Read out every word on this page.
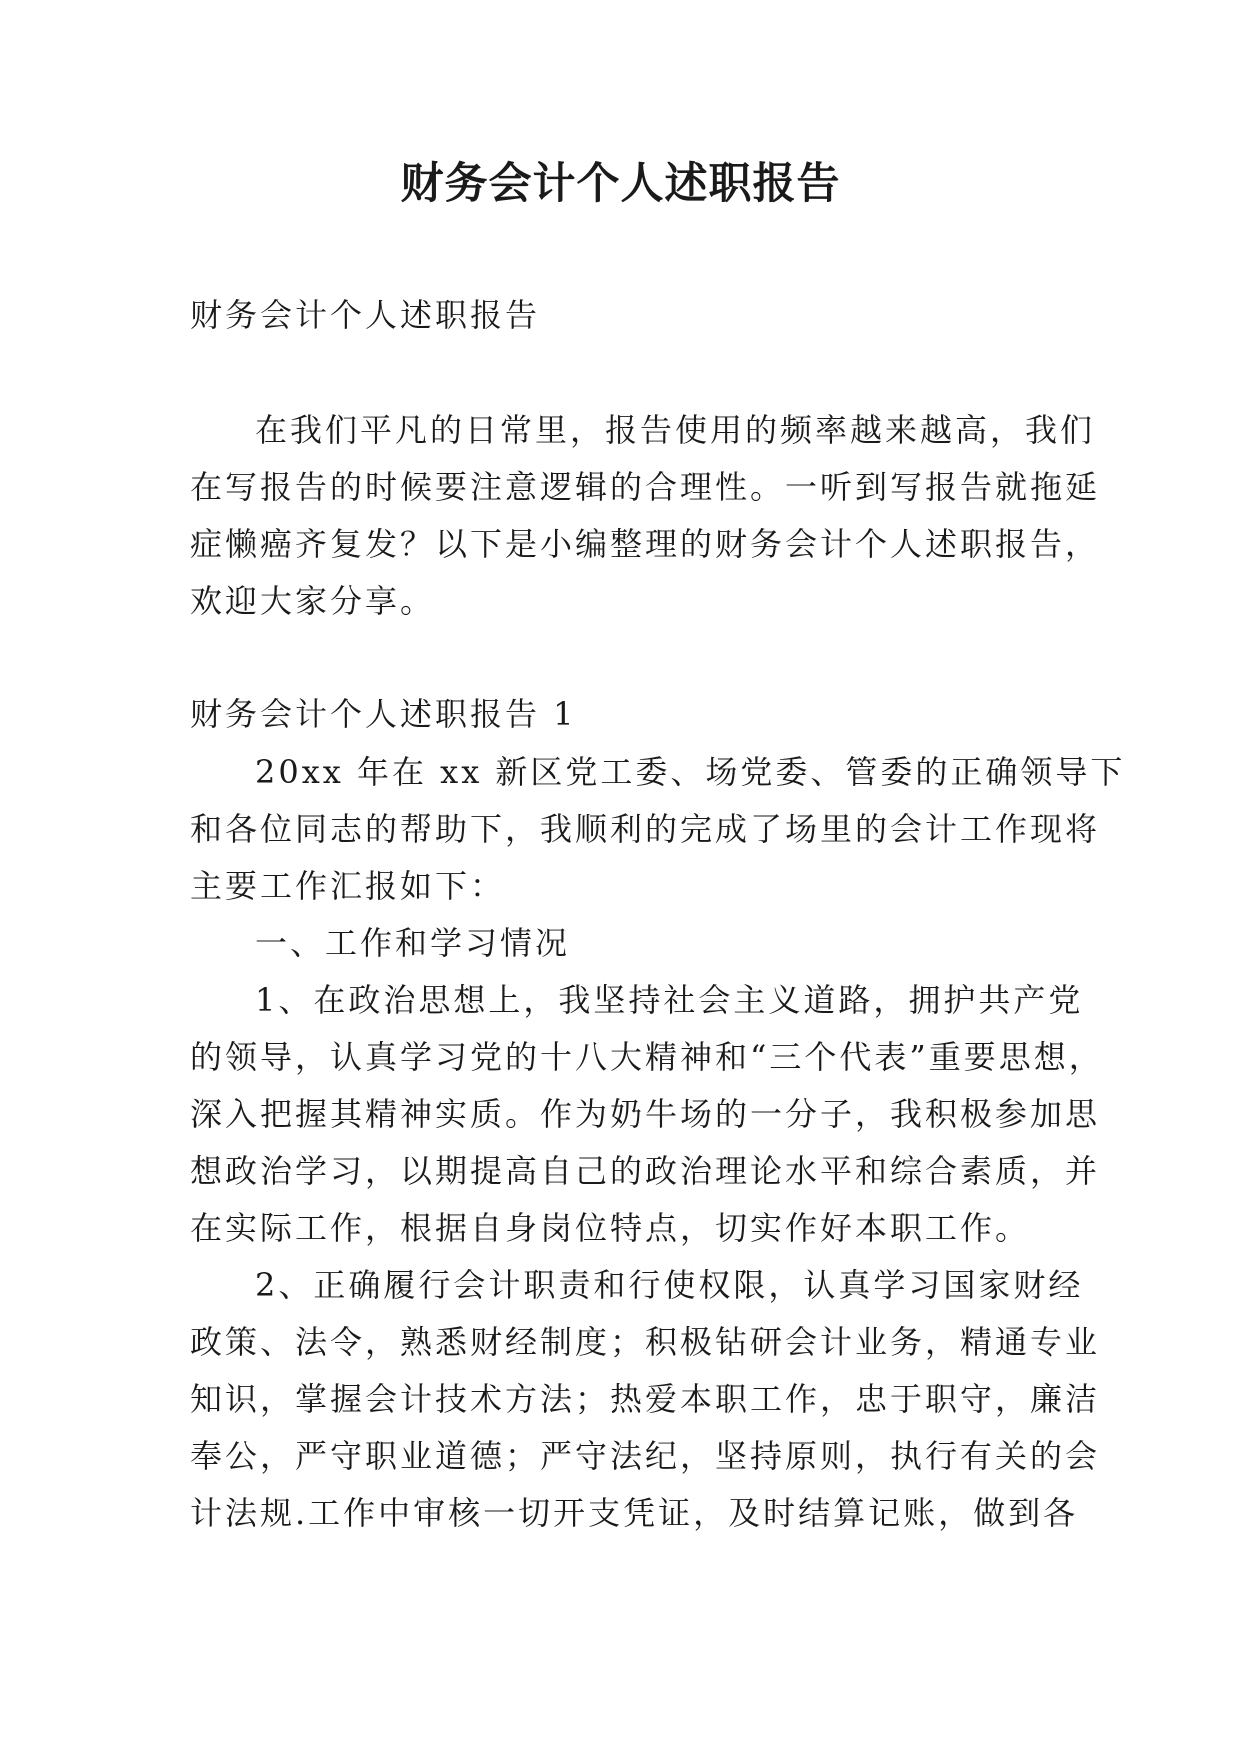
财务会计个人述职报告
财务会计个人述职报告
在我们平凡的日常里，报告使用的频率越来越高，我们
在写报告的时候要注意逻辑的合理性。一听到写报告就拖延
症懒癌齐复发？以下是小编整理的财务会计个人述职报告，
欢迎大家分享。
财务会计个人述职报告 1
20xx 年在 xx 新区党工委、场党委、管委的正确领导下
和各位同志的帮助下，我顺利的完成了场里的会计工作现将
主要工作汇报如下：
一、工作和学习情况
1、在政治思想上，我坚持社会主义道路，拥护共产党
的领导，认真学习党的十八大精神和“三个代表”重要思想，
深入把握其精神实质。作为奶牛场的一分子，我积极参加思
想政治学习，以期提高自己的政治理论水平和综合素质，并
在实际工作，根据自身岗位特点，切实作好本职工作。
2、正确履行会计职责和行使权限，认真学习国家财经
政策、法令，熟悉财经制度；积极钻研会计业务，精通专业
知识，掌握会计技术方法；热爱本职工作，忠于职守，廉洁
奉公，严守职业道德；严守法纪，坚持原则，执行有关的会
计法规.工作中审核一切开支凭证，及时结算记账，做到各
